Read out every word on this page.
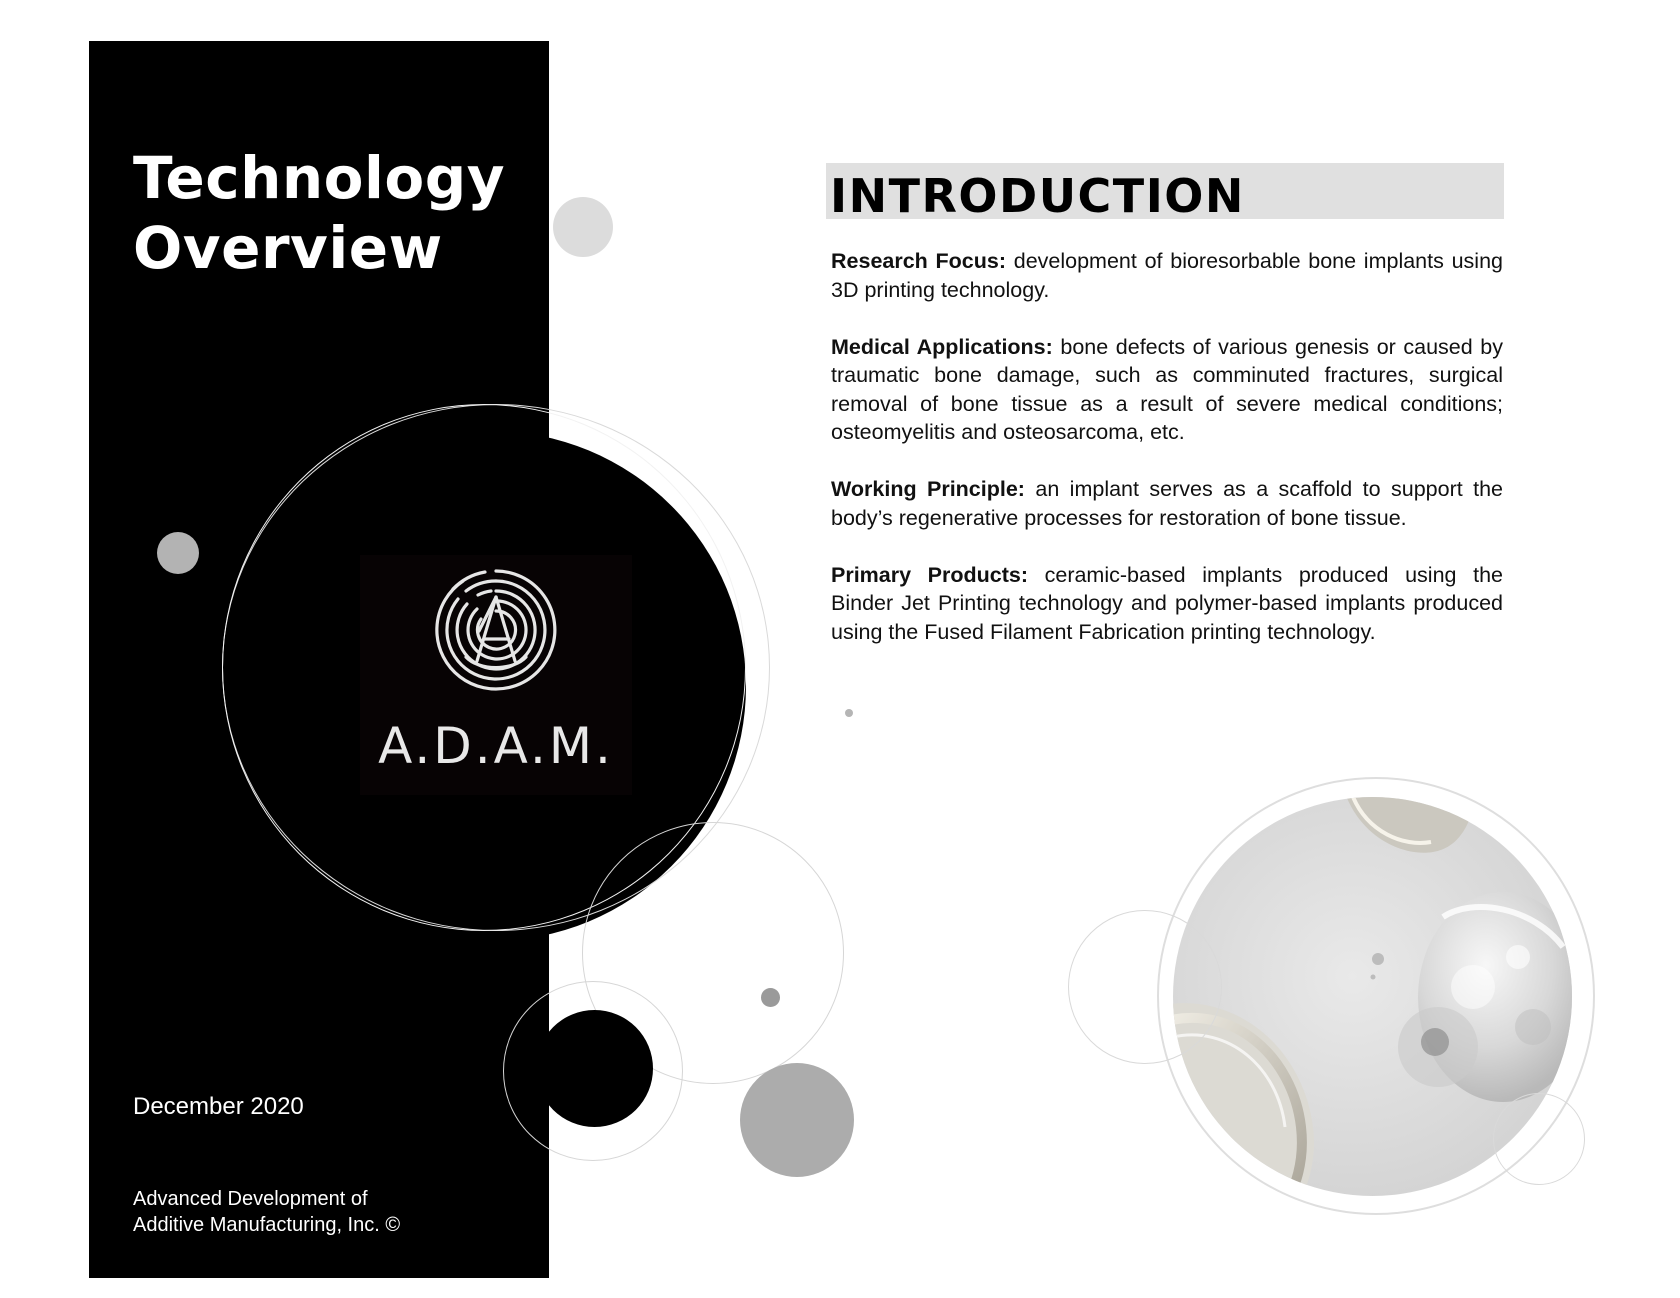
Technology
Overview
December 2020
Advanced Development of
Additive Manufacturing, Inc. ©
A.D.A.M.
INTRODUCTION

Research Focus: development of bioresorbable bone implants using 3D printing technology.

Medical Applications: bone defects of various genesis or caused by traumatic bone damage, such as comminuted fractures, surgical removal of bone tissue as a result of severe medical conditions; osteomyelitis and osteosarcoma, etc.

Working Principle: an implant serves as a scaffold to support the body’s regenerative processes for restoration of bone tissue.

Primary Products: ceramic-based implants produced using the Binder Jet Printing technology and polymer-based implants produced using the Fused Filament Fabrication printing technology.
